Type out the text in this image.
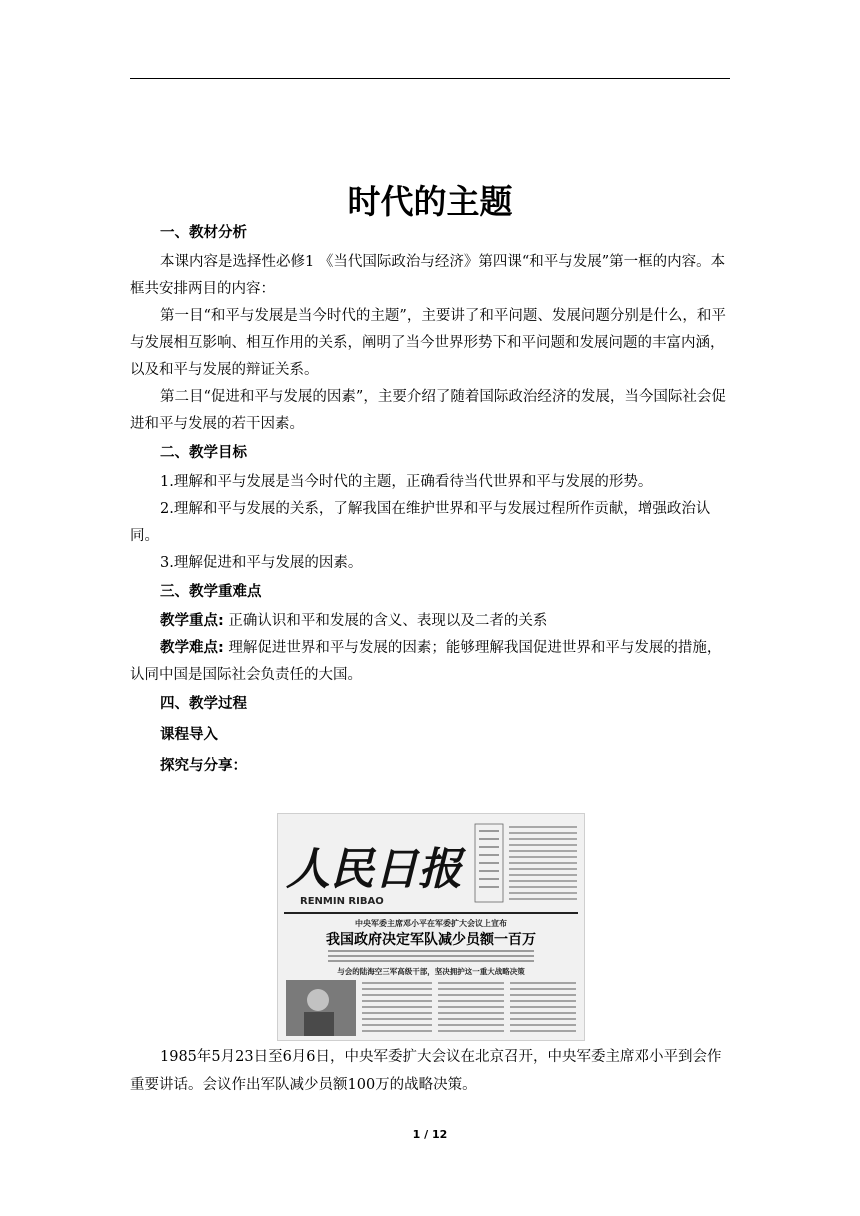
时代的主题

一、教材分析

本课内容是选择性必修1 《当代国际政治与经济》第四课“和平与发展”第一框的内容。本框共安排两目的内容：

第一目“和平与发展是当今时代的主题”，主要讲了和平问题、发展问题分别是什么，和平与发展相互影响、相互作用的关系，阐明了当今世界形势下和平问题和发展问题的丰富内涵，以及和平与发展的辩证关系。

第二目“促进和平与发展的因素”，主要介绍了随着国际政治经济的发展，当今国际社会促进和平与发展的若干因素。

二、教学目标

1.理解和平与发展是当今时代的主题，正确看待当代世界和平与发展的形势。

2.理解和平与发展的关系，了解我国在维护世界和平与发展过程所作贡献，增强政治认同。

3.理解促进和平与发展的因素。

三、教学重难点

教学重点: 正确认识和平和发展的含义、表现以及二者的关系

教学难点: 理解促进世界和平与发展的因素；能够理解我国促进世界和平与发展的措施，认同中国是国际社会负责任的大国。

四、教学过程

课程导入

探究与分享：

人民日报
RENMIN RIBAO
中央军委主席邓小平在军委扩大会议上宣布
我国政府决定军队减少员额一百万
与会的陆海空三军高级干部，坚决拥护这一重大战略决策

1985年5月23日至6月6日，中央军委扩大会议在北京召开，中央军委主席邓小平到会作重要讲话。会议作出军队减少员额100万的战略决策。

1 / 12
